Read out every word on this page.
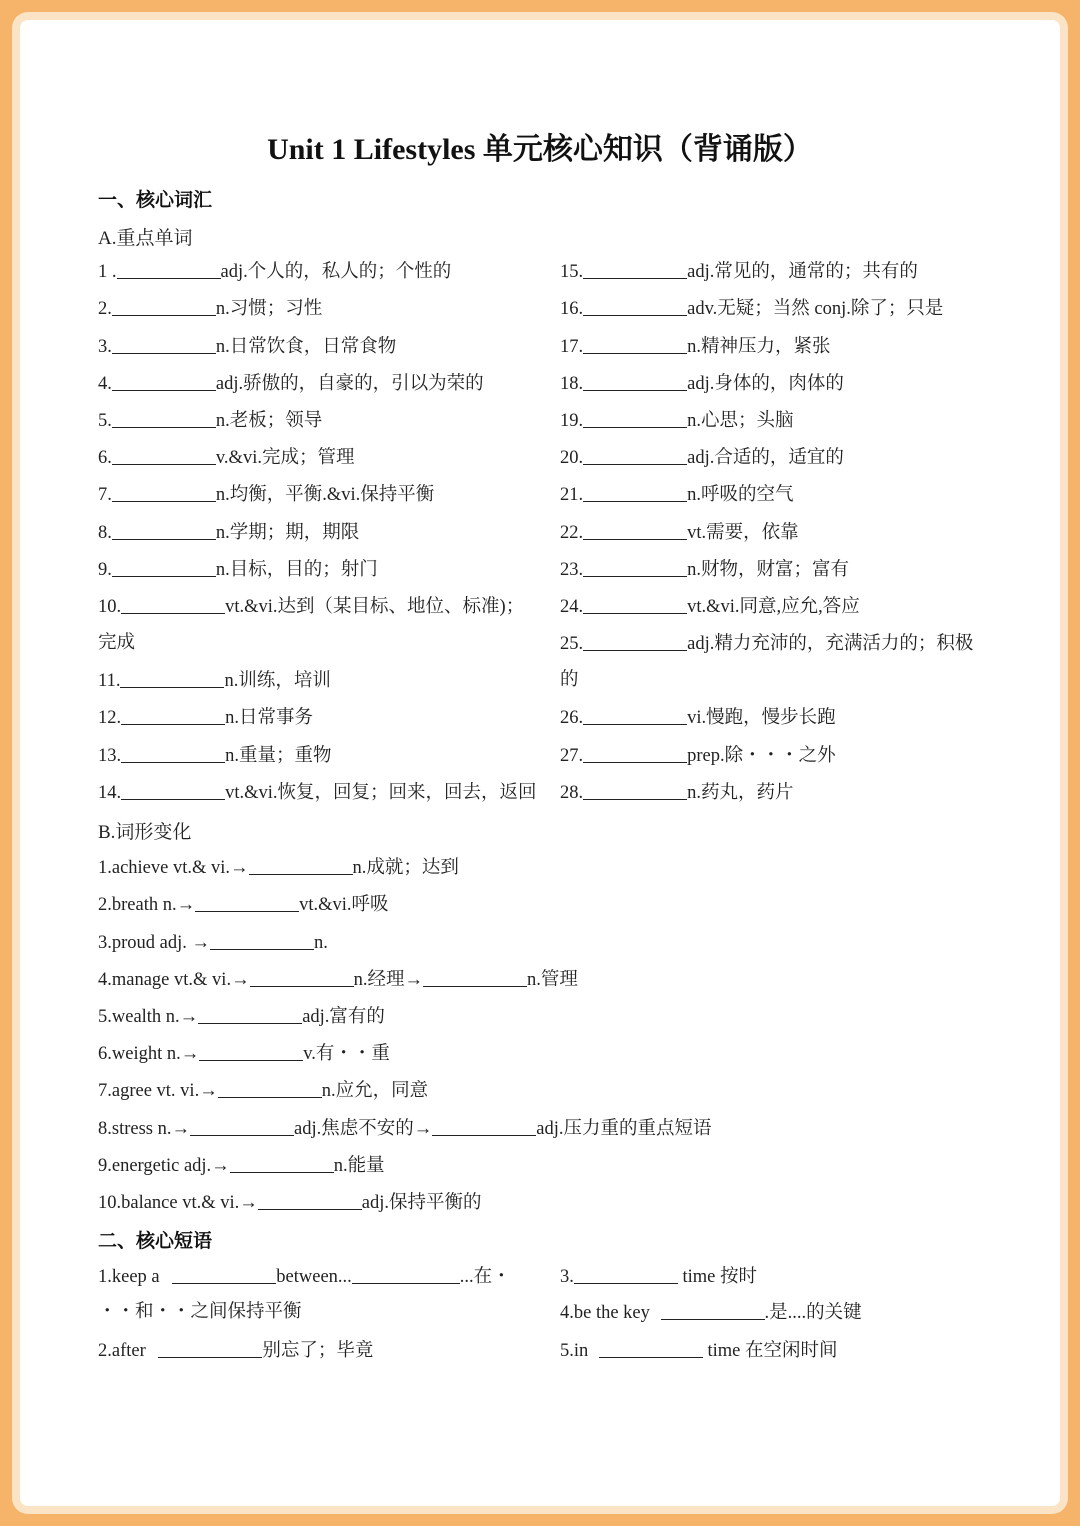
Unit 1 Lifestyles 单元核心知识（背诵版）
一、核心词汇
A.重点单词
B.词形变化
二、核心短语
1.keep a	between...	...在・
・・和・・之间保持平衡
2.after	别忘了；毕竟
3.	time 按时
4.be the key	.是....的关键
5.in	time 在空闲时间
1 .	adj.个人的，私人的；个性的
2.	n.习惯；习性
3.	n.日常饮食，日常食物
4.	adj.骄傲的，自豪的，引以为荣的
5.	n.老板；领导
6.	v.&vi.完成；管理
7.	n.均衡，平衡.&vi.保持平衡
8.	n.学期；期，期限
9.	n.目标，目的；射门
10.	vt.&vi.达到（某目标、地位、标准)；
完成
11.	n.训练，培训
12.	n.日常事务
13.	n.重量；重物
14.	vt.&vi.恢复，回复；回来，回去，返回
15.	adj.常见的，通常的；共有的
16.	adv.无疑；当然 conj.除了；只是
17.	n.精神压力，紧张
18.	adj.身体的，肉体的
19.	n.心思；头脑
20.	adj.合适的，适宜的
21.	n.呼吸的空气
22.	vt.需要，依靠
23.	n.财物，财富；富有
24.	vt.&vi.同意,应允,答应
25.	adj.精力充沛的，充满活力的；积极
的
26.	vi.慢跑，慢步长跑
27.	prep.除・・・之外
28.	n.药丸，药片
1.achieve vt.& vi.→	n.成就；达到
2.breath n.→	vt.&vi.呼吸
3.proud adj. →	n.
4.manage vt.& vi.→	n.经理→	n.管理
5.wealth n.→	adj.富有的
6.weight n.→	v.有・・重
7.agree vt. vi.→	n.应允，同意
8.stress n.→	adj.焦虑不安的→	adj.压力重的重点短语
9.energetic adj.→	n.能量
10.balance vt.& vi.→	adj.保持平衡的
